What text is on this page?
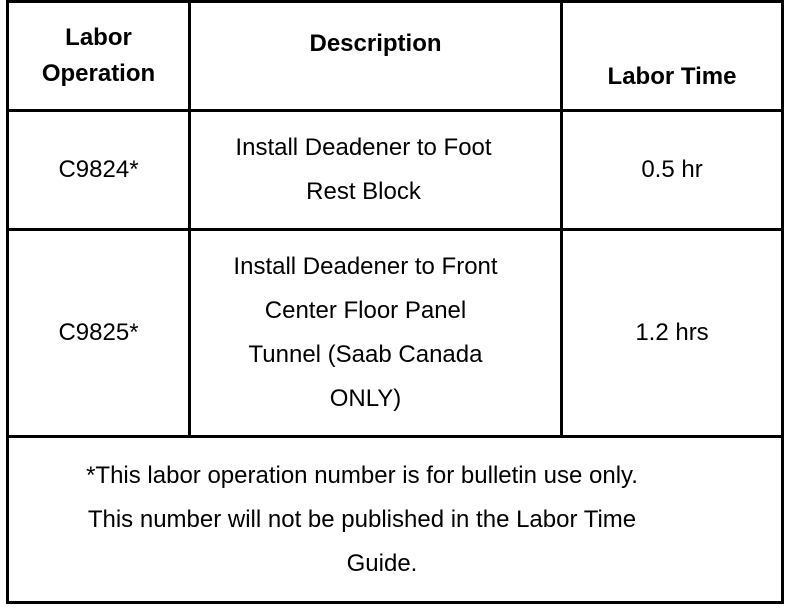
Labor
Operation
Description
Labor Time
C9824*
Install Deadener to Foot
Rest Block
0.5 hr
C9825*
Install Deadener to Front
Center Floor Panel
Tunnel (Saab Canada
ONLY)
1.2 hrs
*This labor operation number is for bulletin use only.
This number will not be published in the Labor Time
Guide.
